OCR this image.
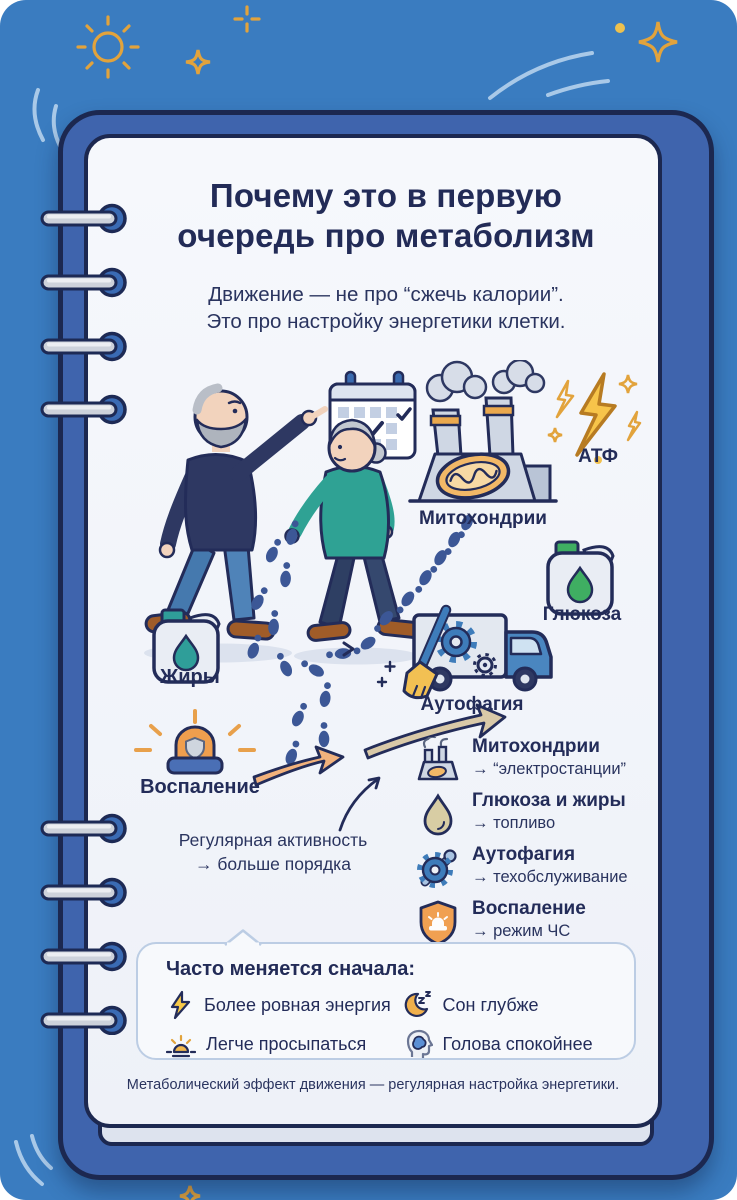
Почему это в первую
очередь про метаболизм
Движение — не про “сжечь калории”.
Это про настройку энергетики клетки.
Митохондрии
АТФ
Глюкоза
Жиры
Аутофагия
Воспаление
Регулярная активность
→ больше порядка
Митохондрии
→ “электростанции”
Глюкоза и жиры
→ топливо
Аутофагия
→ техобслуживание
Воспаление
→ режим ЧС
Часто меняется сначала:
Более ровная энергия	Сон глубже
Легче просыпаться	Голова спокойнее
Метаболический эффект движения — регулярная настройка энергетики.
